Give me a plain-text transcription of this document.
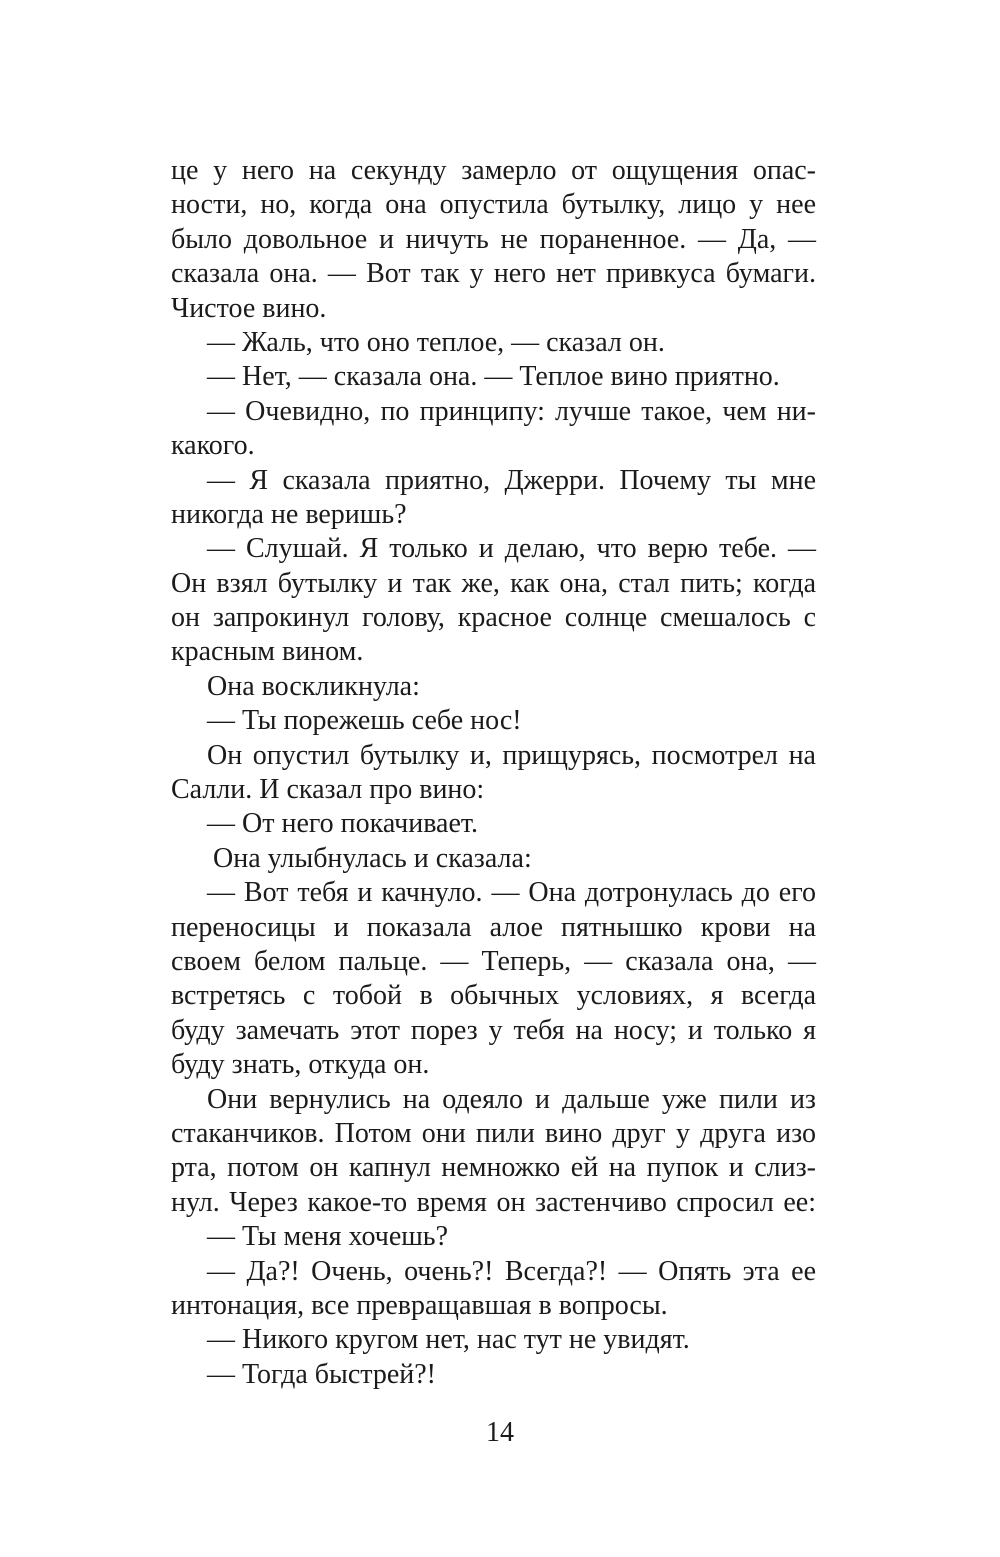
це у него на секунду замерло от ощущения опас-
ности, но, когда она опустила бутылку, лицо у нее
было довольное и ничуть не пораненное. — Да, —
сказала она. — Вот так у него нет привкуса бумаги.
Чистое вино.
— Жаль, что оно теплое, — сказал он.
— Нет, — сказала она. — Теплое вино приятно.
— Очевидно, по принципу: лучше такое, чем ни-
какого.
— Я сказала приятно, Джерри. Почему ты мне
никогда не веришь?
— Слушай. Я только и делаю, что верю тебе. —
Он взял бутылку и так же, как она, стал пить; когда
он запрокинул голову, красное солнце смешалось с
красным вином.
Она воскликнула:
— Ты порежешь себе нос!
Он опустил бутылку и, прищурясь, посмотрел на
Салли. И сказал про вино:
— От него покачивает.
Она улыбнулась и сказала:
— Вот тебя и качнуло. — Она дотронулась до его
переносицы и показала алое пятнышко крови на
своем белом пальце. — Теперь, — сказала она, —
встретясь с тобой в обычных условиях, я всегда
буду замечать этот порез у тебя на носу; и только я
буду знать, откуда он.
Они вернулись на одеяло и дальше уже пили из
стаканчиков. Потом они пили вино друг у друга изо
рта, потом он капнул немножко ей на пупок и слиз-
нул. Через какое-то время он застенчиво спросил ее:
— Ты меня хочешь?
— Да?! Очень, очень?! Всегда?! — Опять эта ее
интонация, все превращавшая в вопросы.
— Никого кругом нет, нас тут не увидят.
— Тогда быстрей?!
14
